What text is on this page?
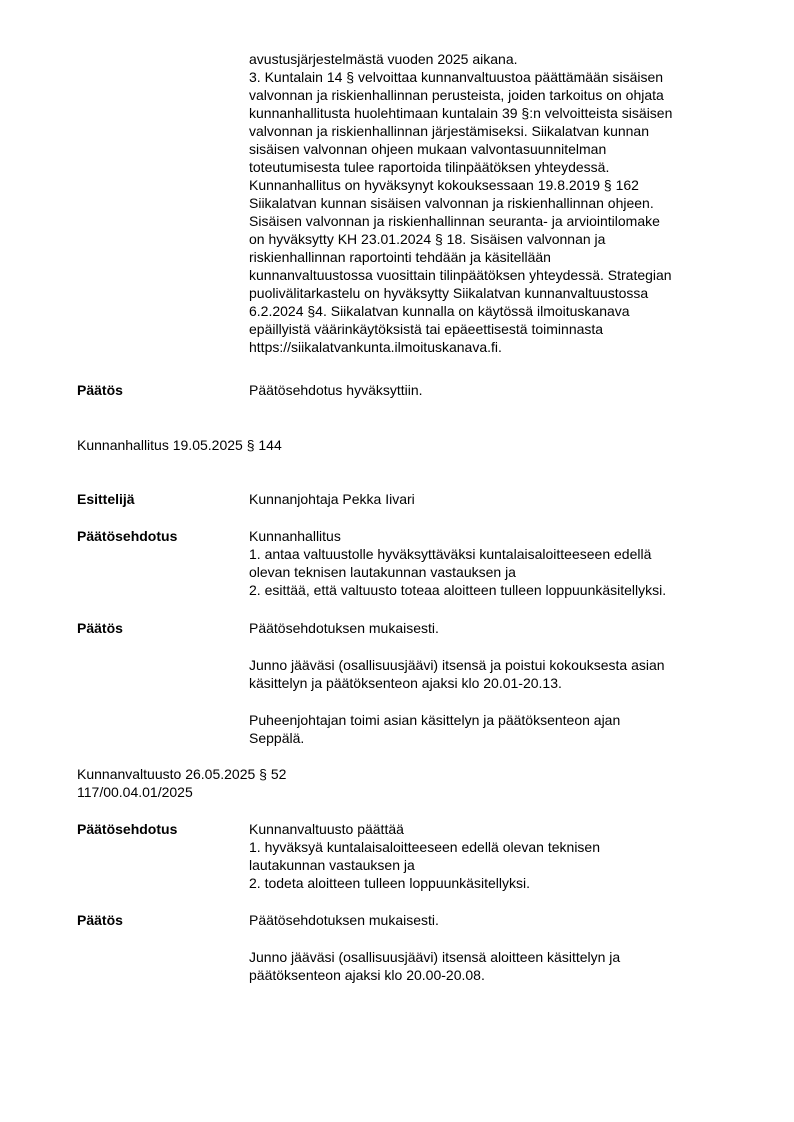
avustusjärjestelmästä vuoden 2025 aikana.
3. Kuntalain 14 § velvoittaa kunnanvaltuustoa päättämään sisäisen
valvonnan ja riskienhallinnan perusteista, joiden tarkoitus on ohjata
kunnanhallitusta huolehtimaan kuntalain 39 §:n velvoitteista sisäisen
valvonnan ja riskienhallinnan järjestämiseksi. Siikalatvan kunnan
sisäisen valvonnan ohjeen mukaan valvontasuunnitelman
toteutumisesta tulee raportoida tilinpäätöksen yhteydessä.
Kunnanhallitus on hyväksynyt kokouksessaan 19.8.2019 § 162
Siikalatvan kunnan sisäisen valvonnan ja riskienhallinnan ohjeen.
Sisäisen valvonnan ja riskienhallinnan seuranta- ja arviointilomake
on hyväksytty KH 23.01.2024 § 18. Sisäisen valvonnan ja
riskienhallinnan raportointi tehdään ja käsitellään
kunnanvaltuustossa vuosittain tilinpäätöksen yhteydessä. Strategian
puolivälitarkastelu on hyväksytty Siikalatvan kunnanvaltuustossa
6.2.2024 §4. Siikalatvan kunnalla on käytössä ilmoituskanava
epäillyistä väärinkäytöksistä tai epäeettisestä toiminnasta
https://siikalatvankunta.ilmoituskanava.fi.
Päätös	Päätösehdotus hyväksyttiin.
Kunnanhallitus 19.05.2025 § 144
Esittelijä	Kunnanjohtaja Pekka Iivari
Päätösehdotus	Kunnanhallitus
1. antaa valtuustolle hyväksyttäväksi kuntalaisaloitteeseen edellä
olevan teknisen lautakunnan vastauksen ja
2. esittää, että valtuusto toteaa aloitteen tulleen loppuunkäsitellyksi.
Päätös	Päätösehdotuksen mukaisesti.
Junno jääväsi (osallisuusjäävi) itsensä ja poistui kokouksesta asian
käsittelyn ja päätöksenteon ajaksi klo 20.01-20.13.
Puheenjohtajan toimi asian käsittelyn ja päätöksenteon ajan
Seppälä.
Kunnanvaltuusto 26.05.2025 § 52
117/00.04.01/2025
Päätösehdotus	Kunnanvaltuusto päättää
1. hyväksyä kuntalaisaloitteeseen edellä olevan teknisen
lautakunnan vastauksen ja
2. todeta aloitteen tulleen loppuunkäsitellyksi.
Päätös	Päätösehdotuksen mukaisesti.
Junno jääväsi (osallisuusjäävi) itsensä aloitteen käsittelyn ja
päätöksenteon ajaksi klo 20.00-20.08.
